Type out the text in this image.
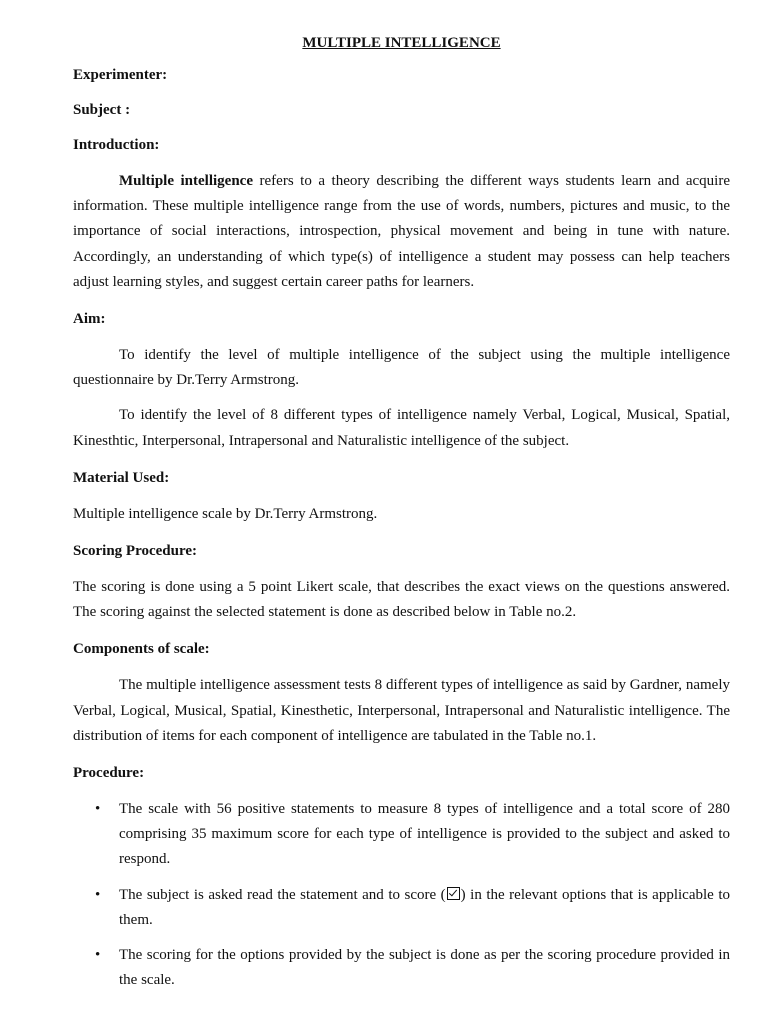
MULTIPLE INTELLIGENCE

Experimenter:

Subject :

Introduction:

Multiple intelligence refers to a theory describing the different ways students learn and acquire information. These multiple intelligence range from the use of words, numbers, pictures and music, to the importance of social interactions, introspection, physical movement and being in tune with nature. Accordingly, an understanding of which type(s) of intelligence a student may possess can help teachers adjust learning styles, and suggest certain career paths for learners.

Aim:

To identify the level of multiple intelligence of the subject using the multiple intelligence questionnaire by Dr.Terry Armstrong.

To identify the level of 8 different types of intelligence namely Verbal, Logical, Musical, Spatial, Kinesthtic, Interpersonal, Intrapersonal and Naturalistic intelligence of the subject.

Material Used:

Multiple intelligence scale by Dr.Terry Armstrong.

Scoring Procedure:

The scoring is done using a 5 point Likert scale, that describes the exact views on the questions answered. The scoring against the selected statement is done as described below in Table no.2.

Components of scale:

The multiple intelligence assessment tests 8 different types of intelligence as said by Gardner, namely Verbal, Logical, Musical, Spatial, Kinesthetic, Interpersonal, Intrapersonal and Naturalistic intelligence. The distribution of items for each component of intelligence are tabulated in the Table no.1.

Procedure:

• The scale with 56 positive statements to measure 8 types of intelligence and a total score of 280 comprising 35 maximum score for each type of intelligence is provided to the subject and asked to respond.
• The subject is asked read the statement and to score ( ) in the relevant options that is applicable to them.
• The scoring for the options provided by the subject is done as per the scoring procedure provided in the scale.
